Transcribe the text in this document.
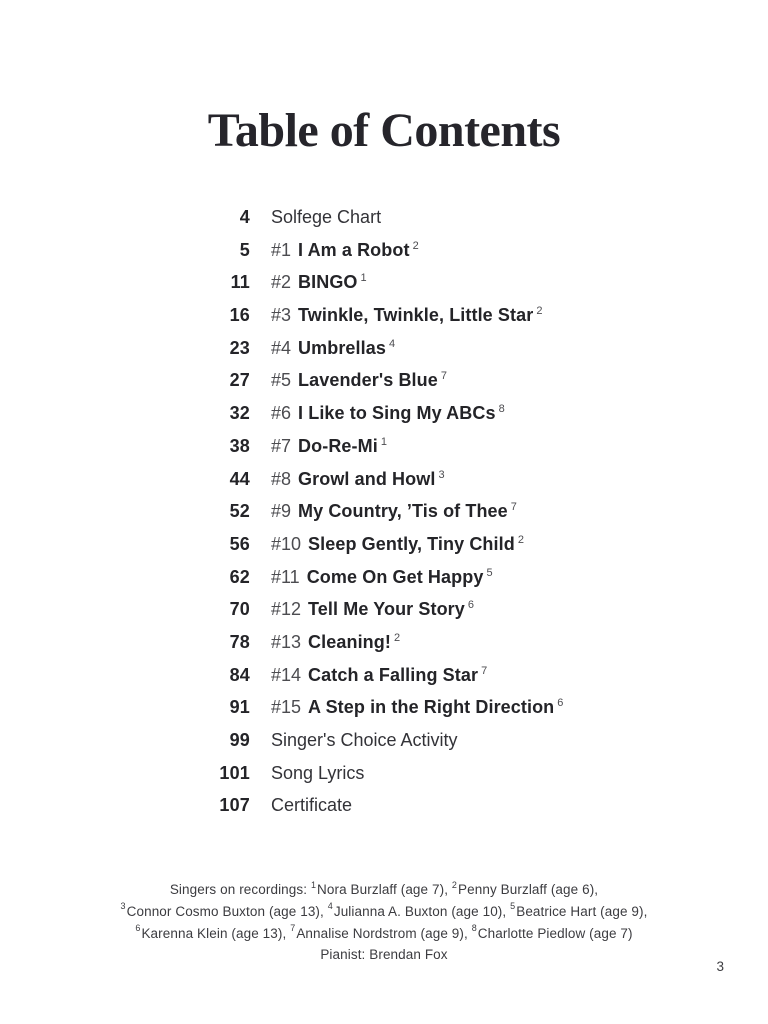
Table of Contents
4 Solfege Chart
5 #1 I Am a Robot $^2$
11 #2 BINGO $^1$
16 #3 Twinkle, Twinkle, Little Star $^2$
23 #4 Umbrellas $^4$
27 #5 Lavender's Blue $^7$
32 #6 I Like to Sing My ABCs $^8$
38 #7 Do-Re-Mi $^1$
44 #8 Growl and Howl $^3$
52 #9 My Country, ’Tis of Thee $^7$
56 #10 Sleep Gently, Tiny Child $^2$
62 #11 Come On Get Happy $^5$
70 #12 Tell Me Your Story $^6$
78 #13 Cleaning! $^2$
84 #14 Catch a Falling Star $^7$
91 #15 A Step in the Right Direction $^6$
99 Singer's Choice Activity
101 Song Lyrics
107 Certificate
Singers on recordings: $^1$Nora Burzlaff (age 7), $^2$Penny Burzlaff (age 6),
$^3$Connor Cosmo Buxton (age 13), $^4$Julianna A. Buxton (age 10), $^5$Beatrice Hart (age 9),
$^6$Karenna Klein (age 13), $^7$Annalise Nordstrom (age 9), $^8$Charlotte Piedlow (age 7)
Pianist: Brendan Fox
3
